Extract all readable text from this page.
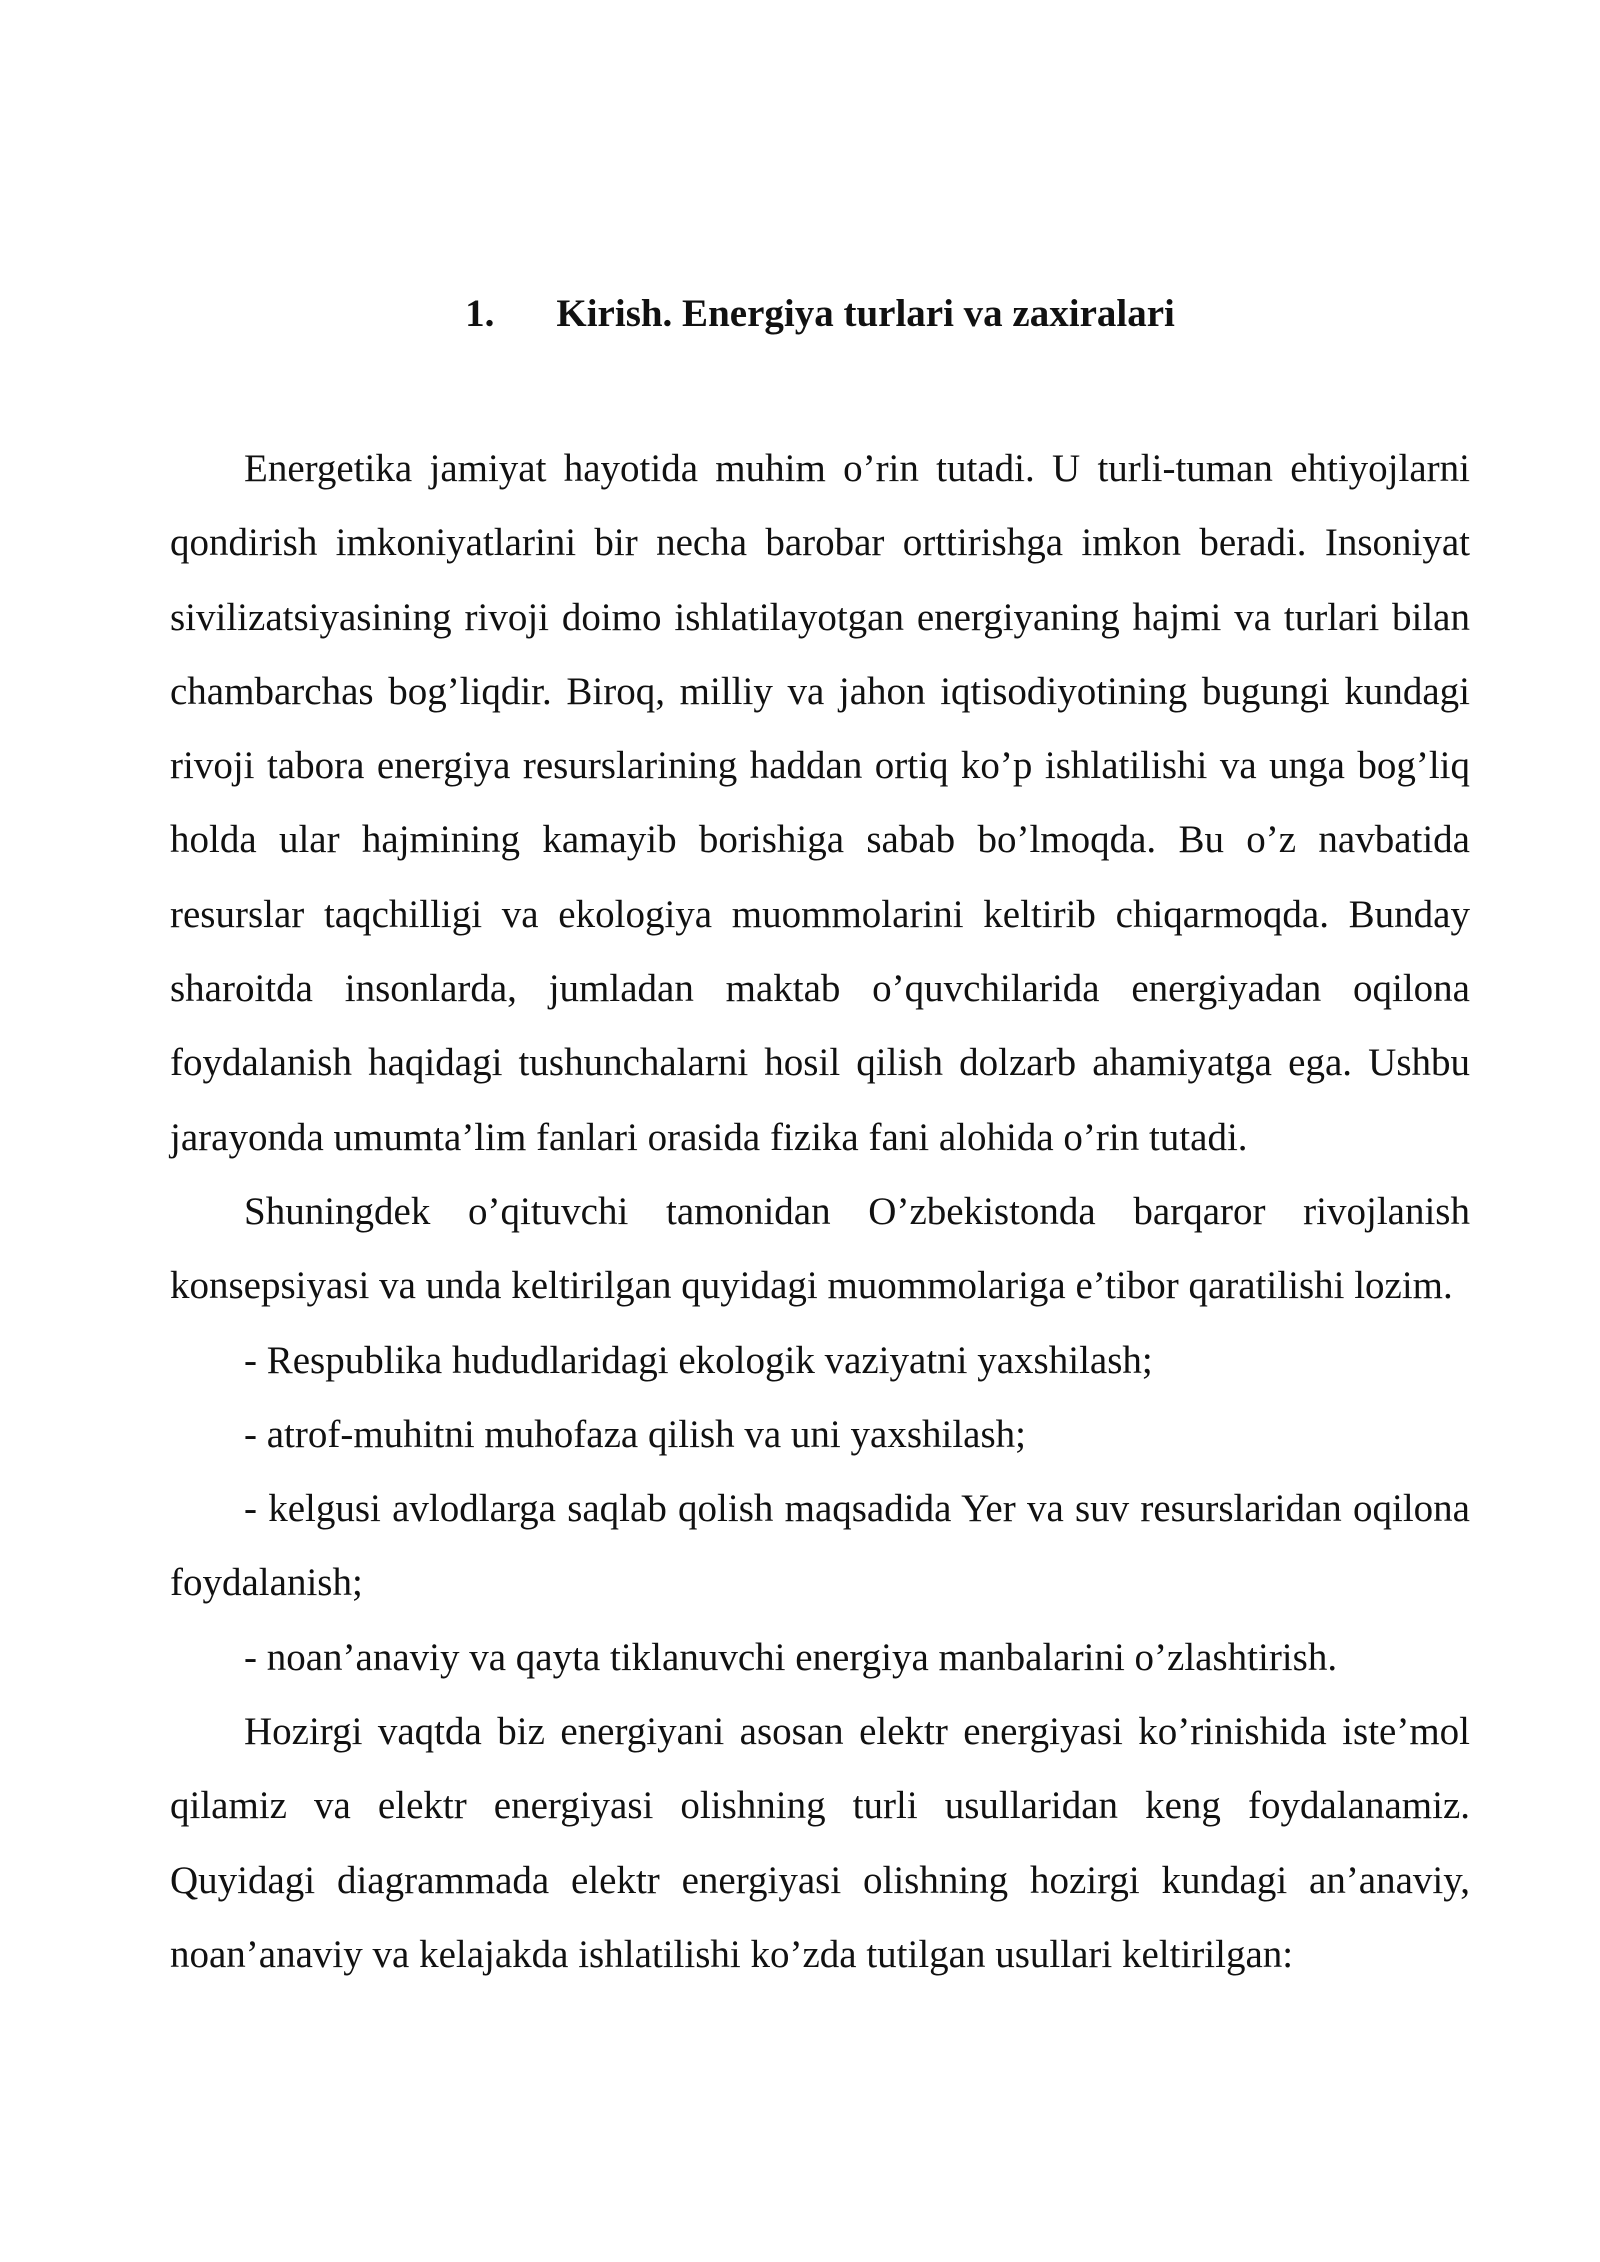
1. Kirish. Energiya turlari va zaxiralari

Energetika jamiyat hayotida muhim o’rin tutadi. U turli-tuman ehtiyojlarni qondirish imkoniyatlarini bir necha barobar orttirishga imkon beradi. Insoniyat sivilizatsiyasining rivoji doimo ishlatilayotgan energiyaning hajmi va turlari bilan chambarchas bog’liqdir. Biroq, milliy va jahon iqtisodiyotining bugungi kundagi rivoji tabora energiya resurslarining haddan ortiq ko’p ishlatilishi va unga bog’liq holda ular hajmining kamayib borishiga sabab bo’lmoqda. Bu o’z navbatida resurslar taqchilligi va ekologiya muommolarini keltirib chiqarmoqda. Bunday sharoitda insonlarda, jumladan maktab o’quvchilarida energiyadan oqilona foydalanish haqidagi tushunchalarni hosil qilish dolzarb ahamiyatga ega. Ushbu jarayonda umumta’lim fanlari orasida fizika fani alohida o’rin tutadi.

Shuningdek o’qituvchi tamonidan O’zbekistonda barqaror rivojlanish konsepsiyasi va unda keltirilgan quyidagi muommolariga e’tibor qaratilishi lozim.

- Respublika hududlaridagi ekologik vaziyatni yaxshilash;

- atrof-muhitni muhofaza qilish va uni yaxshilash;

- kelgusi avlodlarga saqlab qolish maqsadida Yer va suv resurslaridan oqilona foydalanish;

- noan’anaviy va qayta tiklanuvchi energiya manbalarini o’zlashtirish.

Hozirgi vaqtda biz energiyani asosan elektr energiyasi ko’rinishida iste’mol qilamiz va elektr energiyasi olishning turli usullaridan keng foydalanamiz. Quyidagi diagrammada elektr energiyasi olishning hozirgi kundagi an’anaviy, noan’anaviy va kelajakda ishlatilishi ko’zda tutilgan usullari keltirilgan:
